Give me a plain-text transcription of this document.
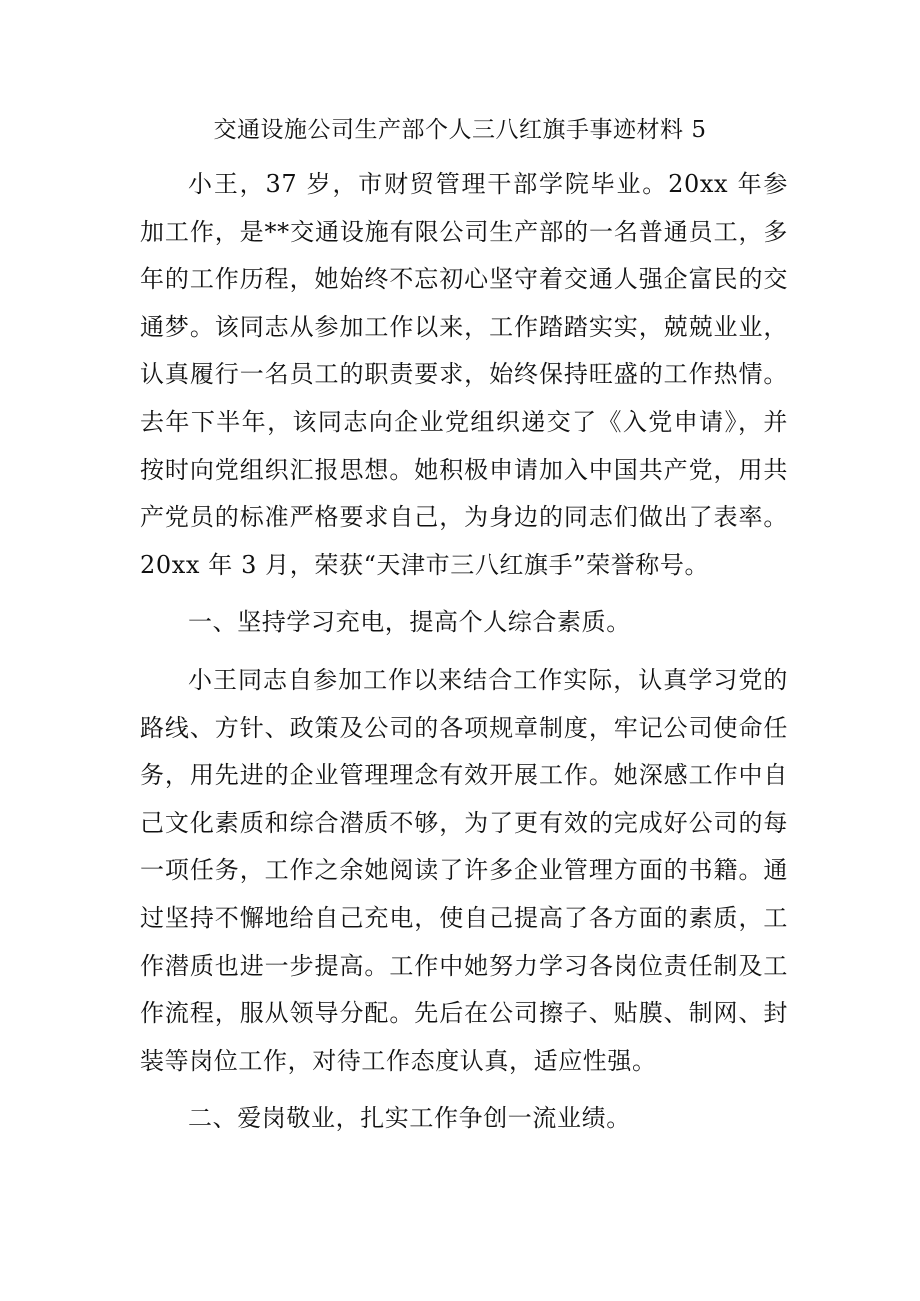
交通设施公司生产部个人三八红旗手事迹材料 5

小王，37 岁，市财贸管理干部学院毕业。20xx 年参加工作，是**交通设施有限公司生产部的一名普通员工，多年的工作历程，她始终不忘初心坚守着交通人强企富民的交通梦。该同志从参加工作以来，工作踏踏实实，兢兢业业，认真履行一名员工的职责要求，始终保持旺盛的工作热情。去年下半年，该同志向企业党组织递交了《入党申请》，并按时向党组织汇报思想。她积极申请加入中国共产党，用共产党员的标准严格要求自己，为身边的同志们做出了表率。20xx 年 3 月，荣获“天津市三八红旗手”荣誉称号。

一、坚持学习充电，提高个人综合素质。

小王同志自参加工作以来结合工作实际，认真学习党的路线、方针、政策及公司的各项规章制度，牢记公司使命任务，用先进的企业管理理念有效开展工作。她深感工作中自己文化素质和综合潜质不够，为了更有效的完成好公司的每一项任务，工作之余她阅读了许多企业管理方面的书籍。通过坚持不懈地给自己充电，使自己提高了各方面的素质，工作潜质也进一步提高。工作中她努力学习各岗位责任制及工作流程，服从领导分配。先后在公司擦子、贴膜、制网、封装等岗位工作，对待工作态度认真，适应性强。

二、爱岗敬业，扎实工作争创一流业绩。
